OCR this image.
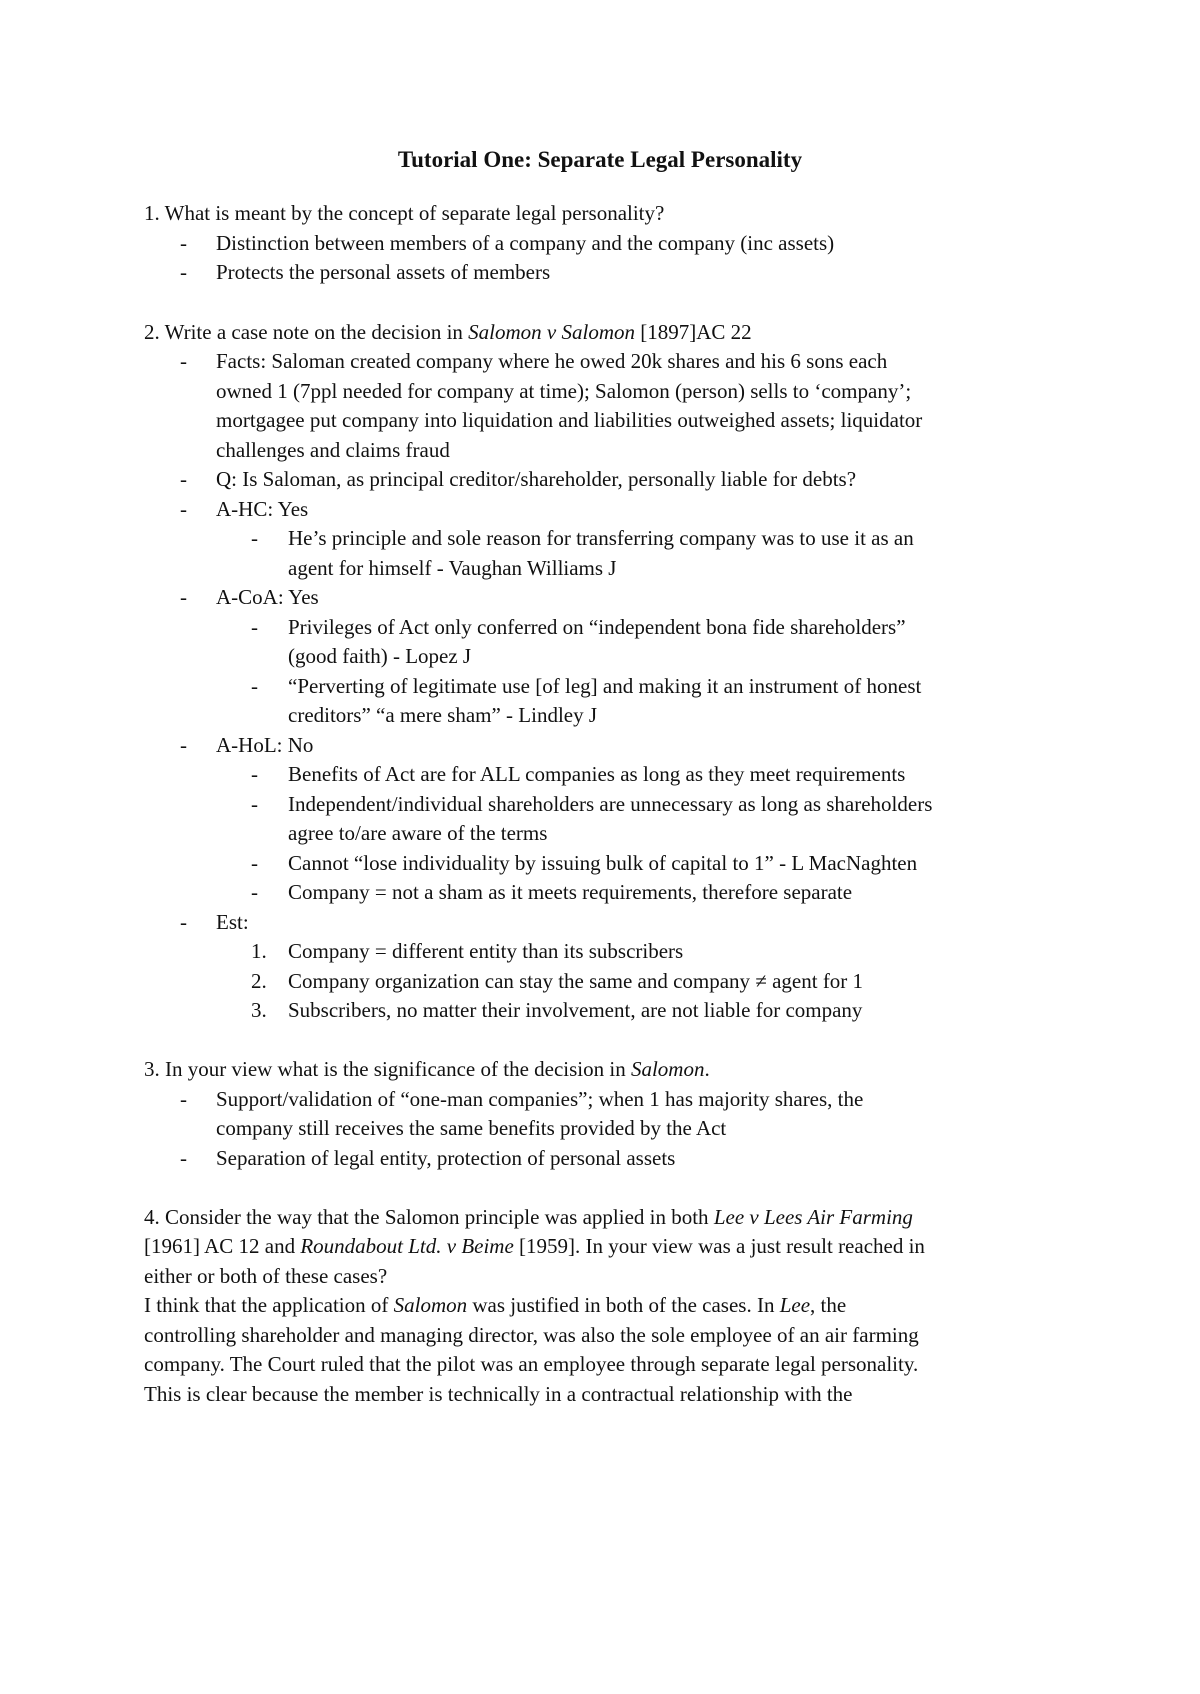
Tutorial One: Separate Legal Personality
1. What is meant by the concept of separate legal personality?
- Distinction between members of a company and the company (inc assets)
- Protects the personal assets of members
2. Write a case note on the decision in Salomon v Salomon [1897]AC 22
- Facts: Saloman created company where he owed 20k shares and his 6 sons each
owned 1 (7ppl needed for company at time); Salomon (person) sells to ‘company’;
mortgagee put company into liquidation and liabilities outweighed assets; liquidator
challenges and claims fraud
- Q: Is Saloman, as principal creditor/shareholder, personally liable for debts?
- A-HC: Yes
- He’s principle and sole reason for transferring company was to use it as an
agent for himself - Vaughan Williams J
- A-CoA: Yes
- Privileges of Act only conferred on “independent bona fide shareholders”
(good faith) - Lopez J
- “Perverting of legitimate use [of leg] and making it an instrument of honest
creditors” “a mere sham” - Lindley J
- A-HoL: No
- Benefits of Act are for ALL companies as long as they meet requirements
- Independent/individual shareholders are unnecessary as long as shareholders
agree to/are aware of the terms
- Cannot “lose individuality by issuing bulk of capital to 1” - L MacNaghten
- Company = not a sham as it meets requirements, therefore separate
- Est:
1. Company = different entity than its subscribers
2. Company organization can stay the same and company ≠ agent for 1
3. Subscribers, no matter their involvement, are not liable for company
3. In your view what is the significance of the decision in Salomon.
- Support/validation of “one-man companies”; when 1 has majority shares, the
company still receives the same benefits provided by the Act
- Separation of legal entity, protection of personal assets
4. Consider the way that the Salomon principle was applied in both Lee v Lees Air Farming
[1961] AC 12 and Roundabout Ltd. v Beime [1959]. In your view was a just result reached in
either or both of these cases?
I think that the application of Salomon was justified in both of the cases. In Lee, the
controlling shareholder and managing director, was also the sole employee of an air farming
company. The Court ruled that the pilot was an employee through separate legal personality.
This is clear because the member is technically in a contractual relationship with the
